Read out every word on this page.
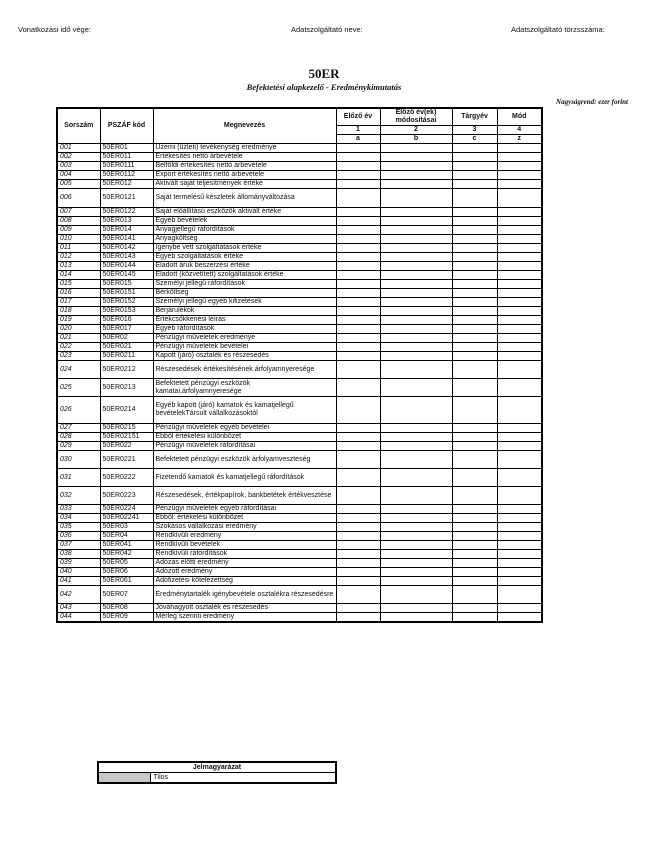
Vonatkozási idő vége:	Adatszolgáltató neve:	Adatszolgáltató törzsszáma:
50ER
Befektetési alapkezelő - Eredménykimutatás
Nagyságrend: ezer forint
Sorszám	PSZÁF kód	Megnevezés	Előző év	Előző év(ek) módosításai	Tárgyév	Mód
			1	2	3	4
			a	b	c	z
001	50ER01	Üzemi (üzleti) tevékenység eredménye				
002	50ER011	Értékesítés nettó árbevétele				
003	50ER0111	Belföldi értékesítés nettó árbevétele				
004	50ER0112	Export értékesítés nettó árbevétele				
005	50ER012	Aktivált saját teljesítmények értéke				
006	50ER0121	Saját termelésű készletek állományváltozása				
007	50ER0122	Saját előállítású eszközök aktivált értéke				
008	50ER013	Egyéb bevételek				
009	50ER014	Anyagjellegű ráfordítások				
010	50ER0141	Anyagköltség				
011	50ER0142	Igénybe vett szolgáltatások értéke				
012	50ER0143	Egyéb szolgáltatások értéke				
013	50ER0144	Eladott áruk beszerzési értéke				
014	50ER0145	Eladott (közvetített) szolgáltatások értéke				
015	50ER015	Személyi jellegű ráfordítások				
016	50ER0151	Bérköltség				
017	50ER0152	Személyi jellegű egyéb kifizetések				
018	50ER0153	Bérjárulékok				
019	50ER016	Értékcsökkenési leírás				
020	50ER017	Egyéb ráfordítások				
021	50ER02	Pénzügyi műveletek eredménye				
022	50ER021	Pénzügyi műveletek bevételei				
023	50ER0211	Kapott (járó) osztalék és részesedés				
024	50ER0212	Részesedések értékesítésének árfolyamnyeresége				
025	50ER0213	Befektetett pénzügyi eszközök kamatai,árfolyamnyeresége				
026	50ER0214	Egyéb kapott (járó) kamatok és kamatjellegű bevételekTársult vállalkozásoktól				
027	50ER0215	Pénzügyi műveletek egyéb bevételei				
028	50ER02151	Ebből értékelési különbözet				
029	50ER022	Pénzügyi műveletek ráfordításai				
030	50ER0221	Befektetett pénzügyi eszközök árfolyamveszteség				
031	50ER0222	Fizetendő kamatok és kamatjellegű ráfordítások				
032	50ER0223	Részesedések, értékpapírok, bankbetétek értékvesztése				
033	50ER0224	Pénzügyi műveletek egyéb ráfordításai				
034	50ER02241	Ebből: értékelési különbözet				
035	50ER03	Szokásos vállalkozási eredmény				
036	50ER04	Rendkívüli eredmény				
037	50ER041	Rendkívüli bevételek				
038	50ER042	Rendkívüli ráfordítások				
039	50ER05	Adózás előtti eredmény				
040	50ER06	Adózott eredmény				
041	50ER061	Adófizetési kötelezettség				
042	50ER07	Eredménytartalék igénybevétele osztalékra részesedésre				
043	50ER08	Jóváhagyott osztalék és részesedés				
044	50ER09	Mérleg szerinti eredmény				
Jelmagyarázat
	Tilos
